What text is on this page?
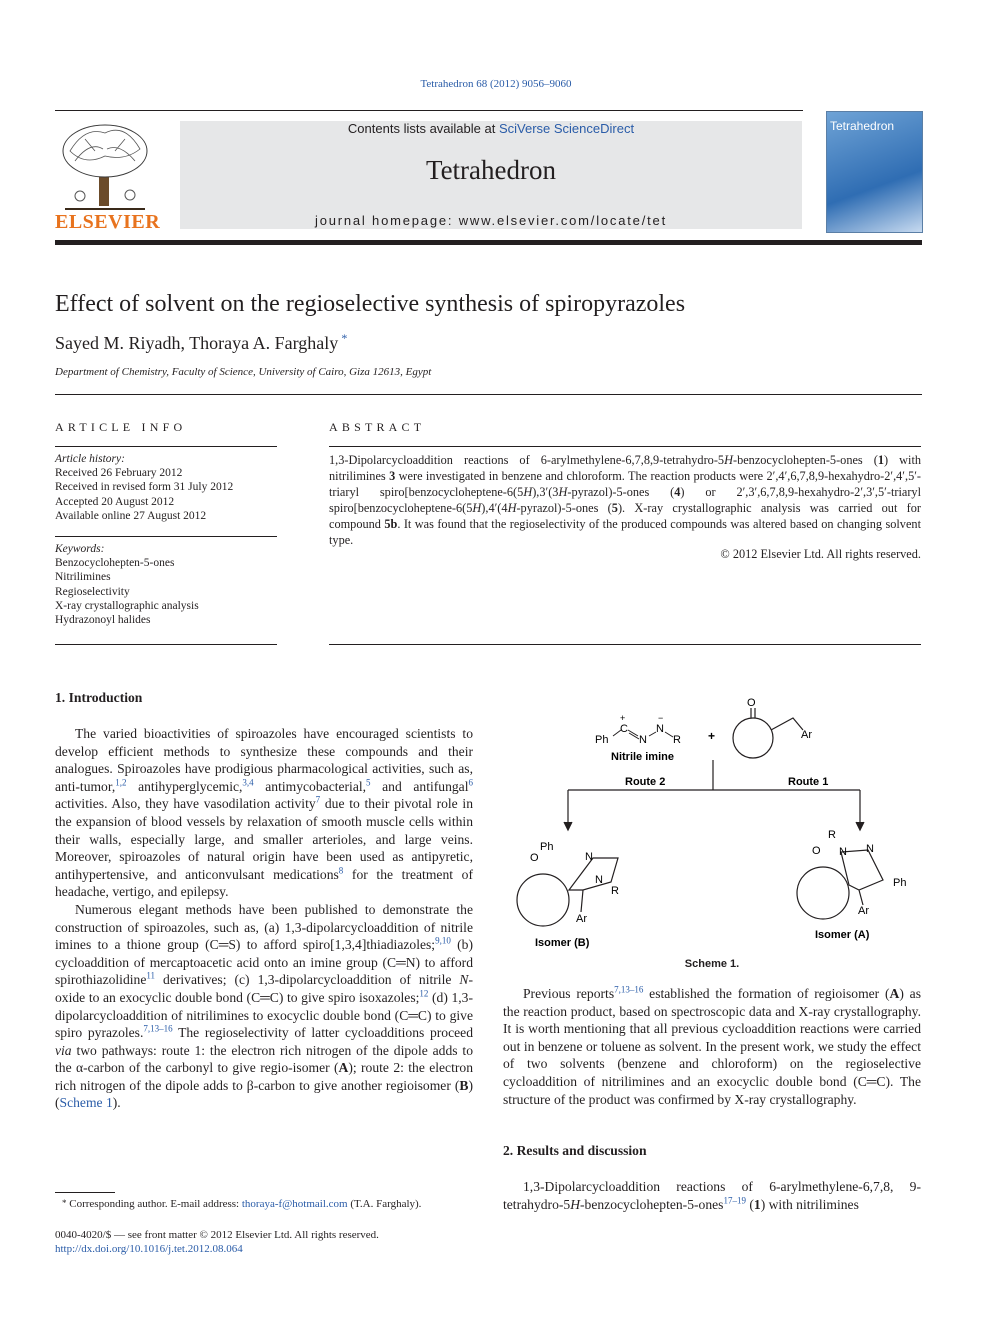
Tetrahedron 68 (2012) 9056–9060
ELSEVIER
Contents lists available at SciVerse ScienceDirect
Tetrahedron
journal homepage: www.elsevier.com/locate/tet
Tetrahedron
Effect of solvent on the regioselective synthesis of spiropyrazoles
Sayed M. Riyadh, Thoraya A. Farghaly *
Department of Chemistry, Faculty of Science, University of Cairo, Giza 12613, Egypt
ARTICLE INFO
Article history:
Received 26 February 2012
Received in revised form 31 July 2012
Accepted 20 August 2012
Available online 27 August 2012
Keywords:
Benzocyclohepten-5-ones
Nitrilimines
Regioselectivity
X-ray crystallographic analysis
Hydrazonoyl halides
ABSTRACT
1,3-Dipolarcycloaddition reactions of 6-arylmethylene-6,7,8,9-tetrahydro-5H-benzocyclohepten-5-ones (1) with nitrilimines 3 were investigated in benzene and chloroform. The reaction products were 2′,4′,6,7,8,9-hexahydro-2′,4′,5′-triaryl spiro[benzocycloheptene-6(5H),3′(3H-pyrazol)-5-ones (4) or 2′,3′,6,7,8,9-hexahydro-2′,3′,5′-triaryl spiro[benzocycloheptene-6(5H),4′(4H-pyrazol)-5-ones (5). X-ray crystallographic analysis was carried out for compound 5b. It was found that the regioselectivity of the produced compounds was altered based on changing solvent type.
© 2012 Elsevier Ltd. All rights reserved.
1. Introduction
The varied bioactivities of spiroazoles have encouraged scientists to develop efficient methods to synthesize these compounds and their analogues. Spiroazoles have prodigious pharmacological activities, such as, anti-tumor,$^{1,2}$ antihyperglycemic,$^{3,4}$ antimycobacterial,$^5$ and antifungal$^6$ activities. Also, they have vasodilation activity$^7$ due to their pivotal role in the expansion of blood vessels by relaxation of smooth muscle cells within their walls, especially large, and smaller arterioles, and large veins. Moreover, spiroazoles of natural origin have been used as antipyretic, antihypertensive, and anticonvulsant medications$^8$ for the treatment of headache, vertigo, and epilepsy.
Numerous elegant methods have been published to demonstrate the construction of spiroazoles, such as, (a) 1,3-dipolarcycloaddition of nitrile imines to a thione group (C═S) to afford spiro[1,3,4]thiadiazoles;$^{9,10}$ (b) cycloaddition of mercaptoacetic acid onto an imine group (C═N) to afford spirothiazolidine$^{11}$ derivatives; (c) 1,3-dipolarcycloaddition of nitrile N-oxide to an exocyclic double bond (C═C) to give spiro isoxazoles;$^{12}$ (d) 1,3-dipolarcycloaddition of nitrilimines to exocyclic double bond (C═C) to give spiro pyrazoles.$^{7,13-16}$ The regioselectivity of latter cycloadditions proceed via two pathways: route 1: the electron rich nitrogen of the dipole adds to the α-carbon of the carbonyl to give regio-isomer (A); route 2: the electron rich nitrogen of the dipole adds to β-carbon to give another regioisomer (B) (Scheme 1).
Ph
C
+
N
N
−
R
Nitrile imine
+
O
Ar
Route 2	Route 1
Ph
O	N
N
R
Ar
Isomer (B)
R
O N N
Ph
Ar
Isomer (A)
Scheme 1.
Previous reports$^{7,13-16}$ established the formation of regioisomer (A) as the reaction product, based on spectroscopic data and X-ray crystallography. It is worth mentioning that all previous cycloaddition reactions were carried out in benzene or toluene as solvent. In the present work, we study the effect of two solvents (benzene and chloroform) on the regioselective cycloaddition of nitrilimines and an exocyclic double bond (C═C). The structure of the product was confirmed by X-ray crystallography.
2. Results and discussion
1,3-Dipolarcycloaddition reactions of 6-arylmethylene-6,7,8, 9-tetrahydro-5H-benzocyclohepten-5-ones$^{17-19}$ (1) with nitrilimines
* Corresponding author. E-mail address: thoraya-f@hotmail.com (T.A. Farghaly).
0040-4020/$ — see front matter © 2012 Elsevier Ltd. All rights reserved.
http://dx.doi.org/10.1016/j.tet.2012.08.064
